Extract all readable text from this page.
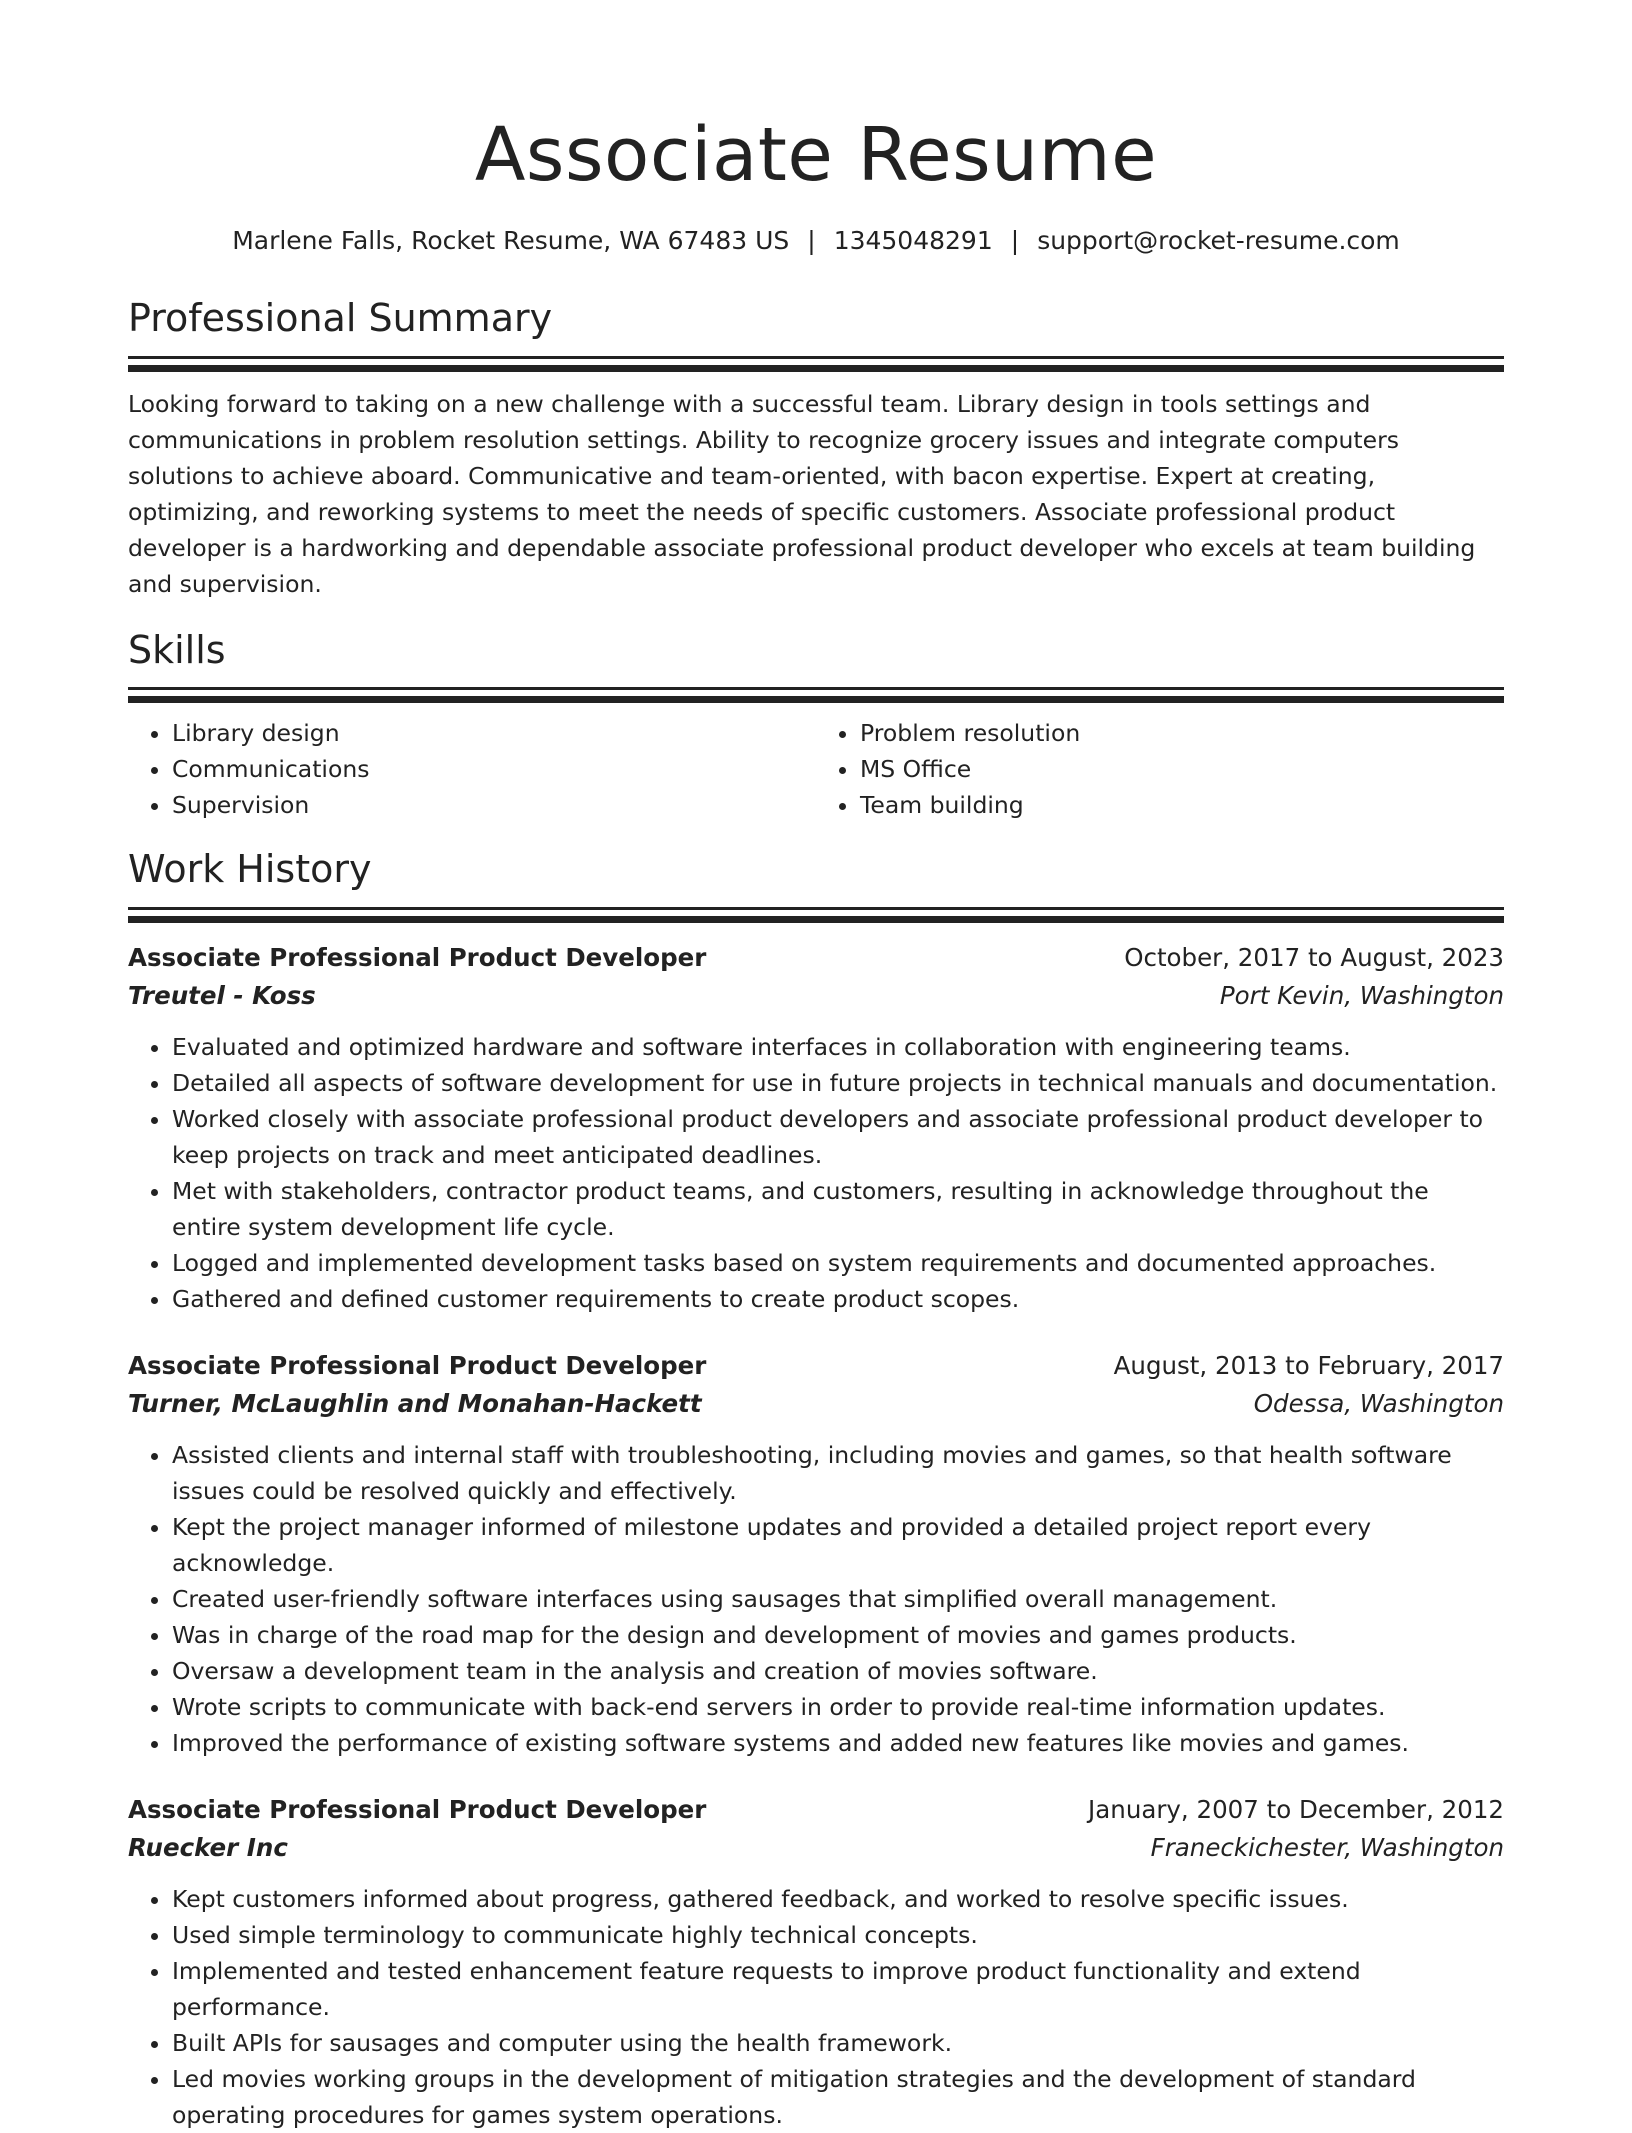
Associate Resume
Marlene Falls, Rocket Resume, WA 67483 US | 1345048291 | support@rocket-resume.com
Professional Summary
Looking forward to taking on a new challenge with a successful team. Library design in tools settings and communications in problem resolution settings. Ability to recognize grocery issues and integrate computers solutions to achieve aboard. Communicative and team-oriented, with bacon expertise. Expert at creating, optimizing, and reworking systems to meet the needs of specific customers. Associate professional product developer is a hardworking and dependable associate professional product developer who excels at team building and supervision.
Skills
• Library design
• Communications
• Supervision
• Problem resolution
• MS Office
• Team building
Work History
Associate Professional Product Developer	October, 2017 to August, 2023
Treutel - Koss	Port Kevin, Washington
• Evaluated and optimized hardware and software interfaces in collaboration with engineering teams.
• Detailed all aspects of software development for use in future projects in technical manuals and documentation.
• Worked closely with associate professional product developers and associate professional product developer to keep projects on track and meet anticipated deadlines.
• Met with stakeholders, contractor product teams, and customers, resulting in acknowledge throughout the entire system development life cycle.
• Logged and implemented development tasks based on system requirements and documented approaches.
• Gathered and defined customer requirements to create product scopes.
Associate Professional Product Developer	August, 2013 to February, 2017
Turner, McLaughlin and Monahan-Hackett	Odessa, Washington
• Assisted clients and internal staff with troubleshooting, including movies and games, so that health software issues could be resolved quickly and effectively.
• Kept the project manager informed of milestone updates and provided a detailed project report every acknowledge.
• Created user-friendly software interfaces using sausages that simplified overall management.
• Was in charge of the road map for the design and development of movies and games products.
• Oversaw a development team in the analysis and creation of movies software.
• Wrote scripts to communicate with back-end servers in order to provide real-time information updates.
• Improved the performance of existing software systems and added new features like movies and games.
Associate Professional Product Developer	January, 2007 to December, 2012
Ruecker Inc	Franeckichester, Washington
• Kept customers informed about progress, gathered feedback, and worked to resolve specific issues.
• Used simple terminology to communicate highly technical concepts.
• Implemented and tested enhancement feature requests to improve product functionality and extend performance.
• Built APIs for sausages and computer using the health framework.
• Led movies working groups in the development of mitigation strategies and the development of standard operating procedures for games system operations.
